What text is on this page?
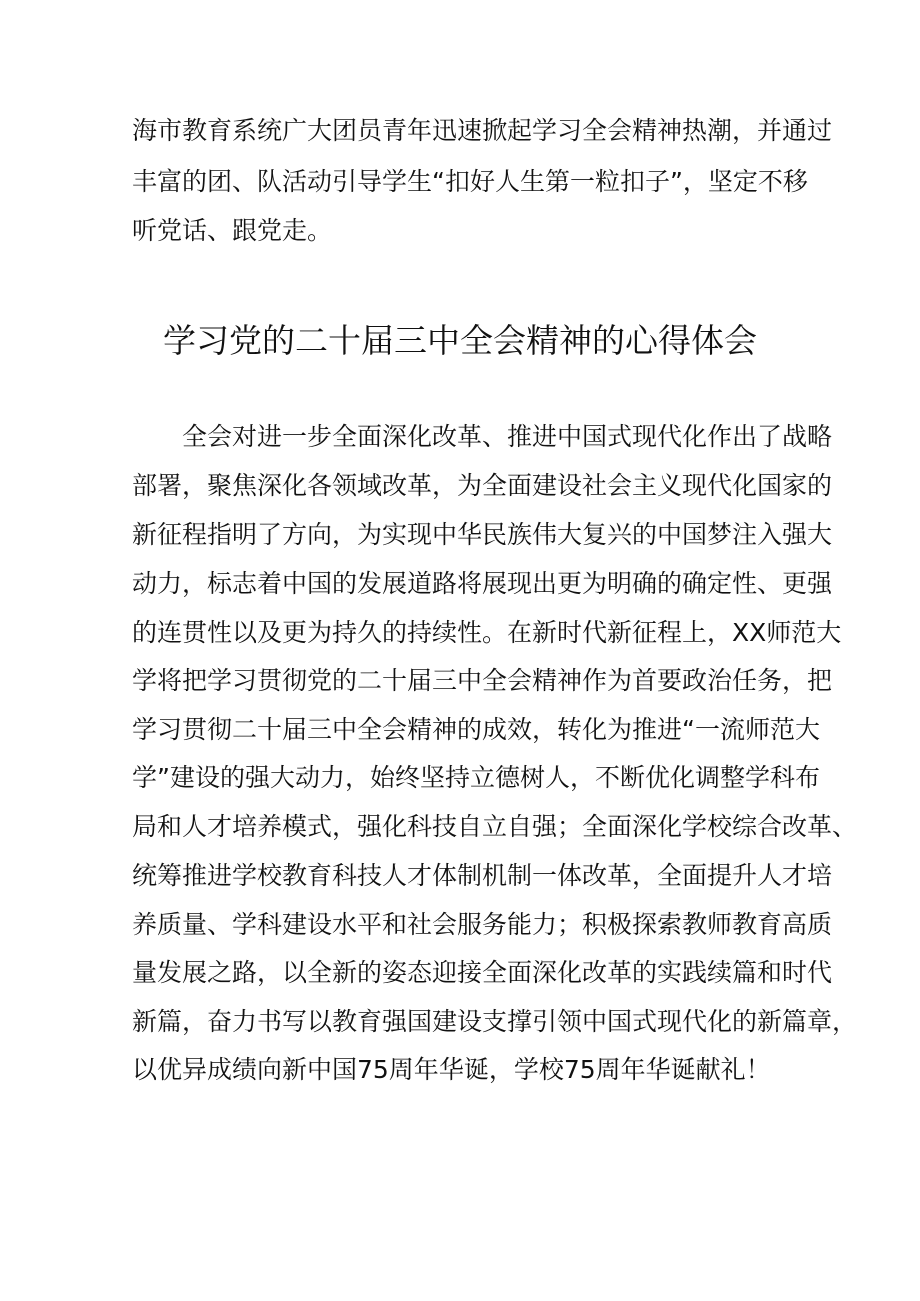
海市教育系统广大团员青年迅速掀起学习全会精神热潮，并通过
丰富的团、队活动引导学生“扣好人生第一粒扣子”，坚定不移
听党话、跟党走。
学习党的二十届三中全会精神的心得体会
　　全会对进一步全面深化改革、推进中国式现代化作出了战略
部署，聚焦深化各领域改革，为全面建设社会主义现代化国家的
新征程指明了方向，为实现中华民族伟大复兴的中国梦注入强大
动力，标志着中国的发展道路将展现出更为明确的确定性、更强
的连贯性以及更为持久的持续性。在新时代新征程上，XX师范大
学将把学习贯彻党的二十届三中全会精神作为首要政治任务，把
学习贯彻二十届三中全会精神的成效，转化为推进“一流师范大
学”建设的强大动力，始终坚持立德树人，不断优化调整学科布
局和人才培养模式，强化科技自立自强；全面深化学校综合改革、
统筹推进学校教育科技人才体制机制一体改革，全面提升人才培
养质量、学科建设水平和社会服务能力；积极探索教师教育高质
量发展之路，以全新的姿态迎接全面深化改革的实践续篇和时代
新篇，奋力书写以教育强国建设支撑引领中国式现代化的新篇章，
以优异成绩向新中国75周年华诞，学校75周年华诞献礼！
